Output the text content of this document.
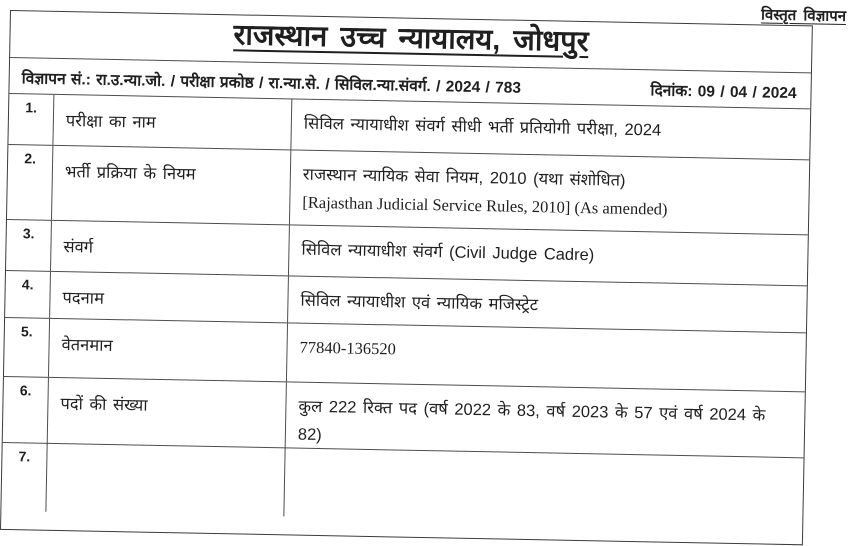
विस्तृत विज्ञापन
राजस्थान उच्च न्यायालय, जोधपुर
विज्ञापन सं.: रा.उ.न्या.जो. / परीक्षा प्रकोष्ठ / रा.न्या.से. / सिविल.न्या.संवर्ग. / 2024 / 783	दिनांक: 09 / 04 / 2024
1.
परीक्षा का नाम	सिविल न्यायाधीश संवर्ग सीधी भर्ती प्रतियोगी परीक्षा, 2024
2.
भर्ती प्रक्रिया के नियम	राजस्थान न्यायिक सेवा नियम, 2010 (यथा संशोधित)
[Rajasthan Judicial Service Rules, 2010] (As amended)
3.
संवर्ग	सिविल न्यायाधीश संवर्ग (Civil Judge Cadre)
4.
पदनाम	सिविल न्यायाधीश एवं न्यायिक मजिस्ट्रेट
5.
वेतनमान	77840-136520
6.
पदों की संख्या	कुल 222 रिक्त पद (वर्ष 2022 के 83, वर्ष 2023 के 57 एवं वर्ष 2024 के 82)
7.
